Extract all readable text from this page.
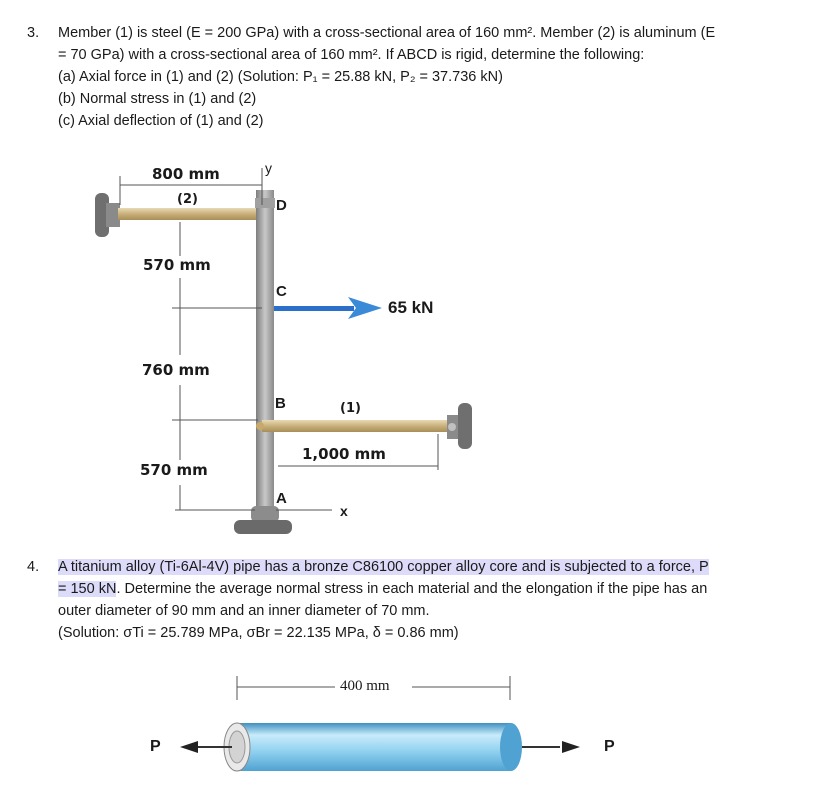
3. Member (1) is steel (E = 200 GPa) with a cross-sectional area of 160 mm². Member (2) is aluminum (E
= 70 GPa) with a cross-sectional area of 160 mm². If ABCD is rigid, determine the following:
(a) Axial force in (1) and (2) (Solution: P₁ = 25.88 kN, P₂ = 37.736 kN)
(b) Normal stress in (1) and (2)
(c) Axial deflection of (1) and (2)
800 mm
(2)
y
D
570 mm
C
65 kN
760 mm
B	(1)
1,000 mm
570 mm
A
x
4. A titanium alloy (Ti-6Al-4V) pipe has a bronze C86100 copper alloy core and is subjected to a force, P
= 150 kN. Determine the average normal stress in each material and the elongation if the pipe has an
outer diameter of 90 mm and an inner diameter of 70 mm.
(Solution: σTi = 25.789 MPa, σBr = 22.135 MPa, δ = 0.86 mm)
400 mm
P	P
